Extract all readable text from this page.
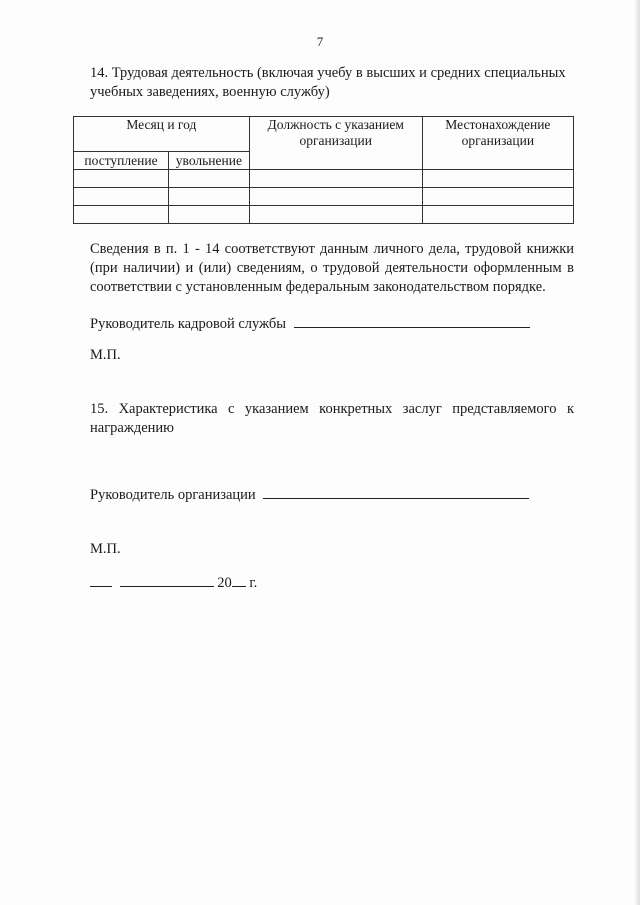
7
14. Трудовая деятельность (включая учебу в высших и средних специальных учебных заведениях, военную службу)
Месяц и год		Должность с указанием организации	Местонахождение организации
поступление	увольнение		

Сведения в п. 1 - 14 соответствуют данным личного дела, трудовой книжки (при наличии) и (или) сведениям, о трудовой деятельности оформленным в соответствии с установленным федеральным законодательством порядке.
Руководитель кадровой службы
М.П.
15. Характеристика с указанием конкретных заслуг представляемого к награждению
Руководитель организации
М.П.
20 г.
